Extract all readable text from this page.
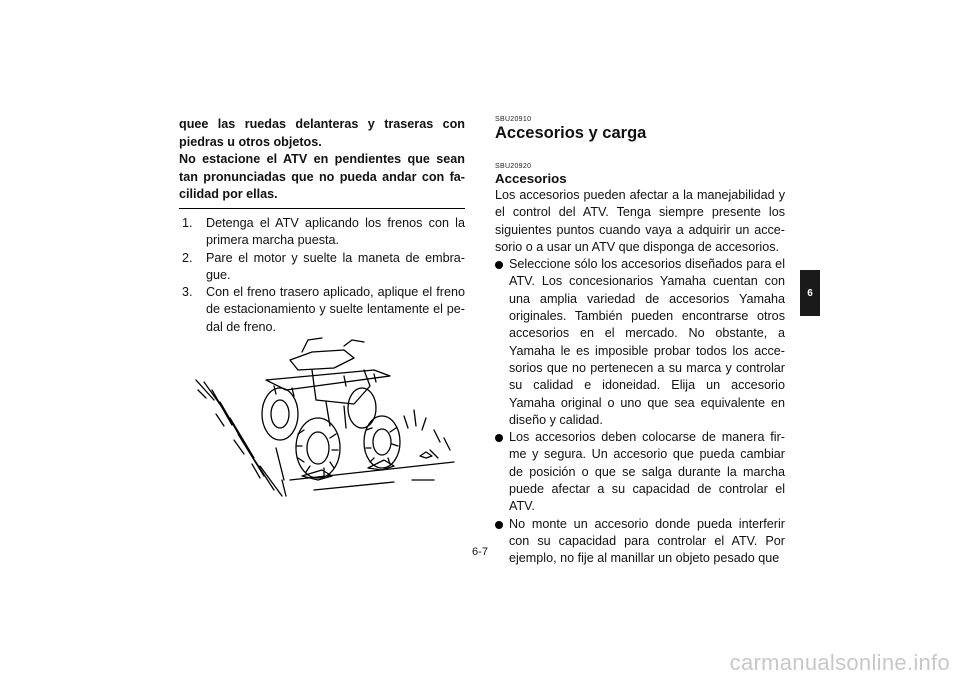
quee las ruedas delanteras y traseras con piedras u otros objetos.

No estacione el ATV en pendientes que sean tan pronunciadas que no pueda andar con fa-cilidad por ellas.

1. Detenga el ATV aplicando los frenos con la primera marcha puesta.
2. Pare el motor y suelte la maneta de embra-gue.
3. Con el freno trasero aplicado, aplique el freno de estacionamiento y suelte lentamente el pe-dal de freno.
SBU20910
Accesorios y carga
SBU20920
Accesorios

Los accesorios pueden afectar a la manejabilidad y el control del ATV. Tenga siempre presente los siguientes puntos cuando vaya a adquirir un acce-sorio o a usar un ATV que disponga de accesorios.

Seleccione sólo los accesorios diseñados para el ATV. Los concesionarios Yamaha cuentan con una amplia variedad de accesorios Yamaha originales. También pueden encontrarse otros accesorios en el mercado. No obstante, a Yamaha le es imposible probar todos los acce-sorios que no pertenecen a su marca y controlar su calidad e idoneidad. Elija un accesorio Yamaha original o uno que sea equivalente en diseño y calidad.
Los accesorios deben colocarse de manera fir-me y segura. Un accesorio que pueda cambiar de posición o que se salga durante la marcha puede afectar a su capacidad de controlar el ATV.
No monte un accesorio donde pueda interferir con su capacidad para controlar el ATV. Por ejemplo, no fije al manillar un objeto pesado que
6
6-7
carmanualsonline.info
